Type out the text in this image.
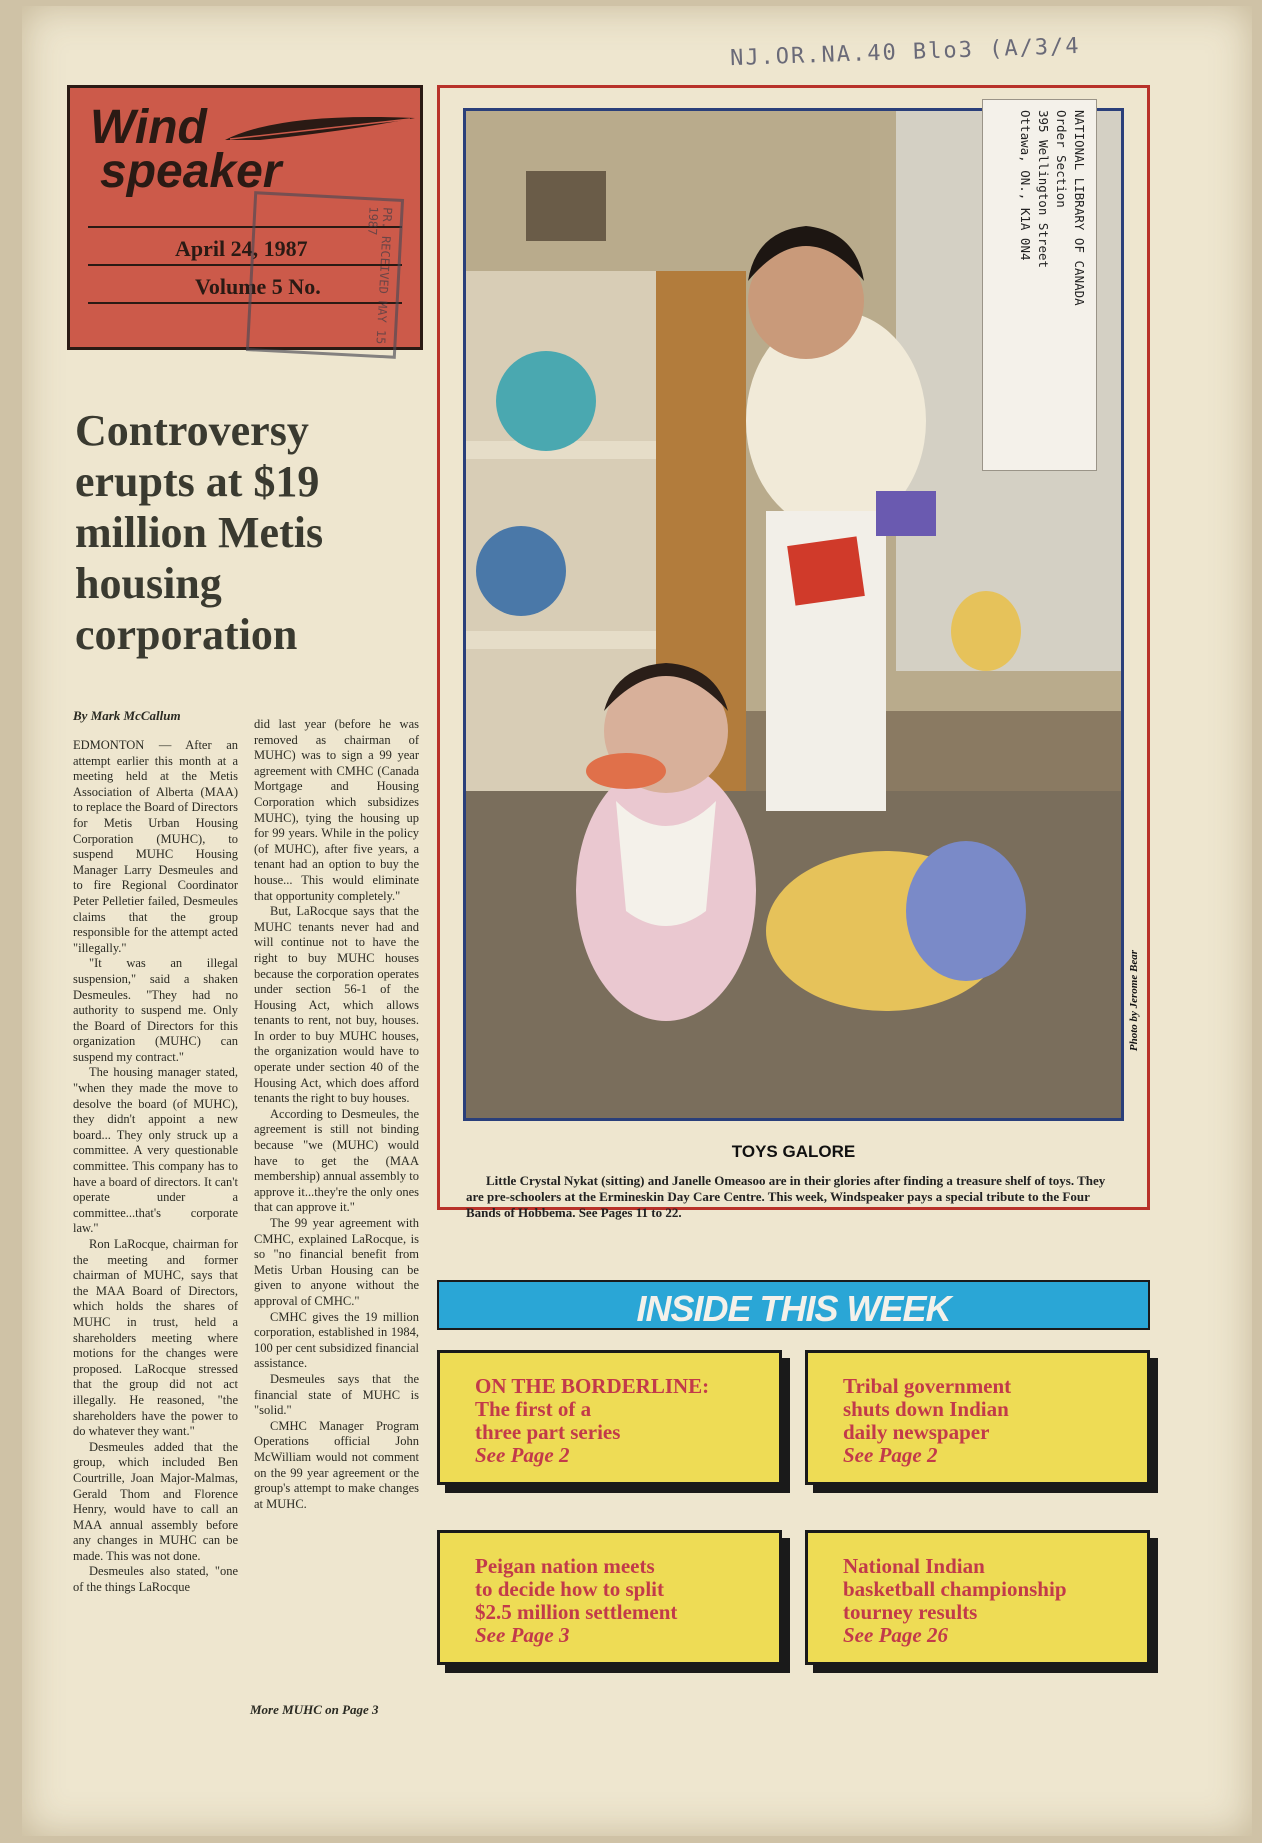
NJ.OR.NA.40 Blo3 (A/3/4
Wind
speaker
April 24, 1987
Volume 5 No.	PR. RECEIVED MAY 15 1987
Controversy erupts at $19 million Metis housing corporation
By Mark McCallum

EDMONTON — After an attempt earlier this month at a meeting held at the Metis Association of Alberta (MAA) to replace the Board of Directors for Metis Urban Housing Corporation (MUHC), to suspend MUHC Housing Manager Larry Desmeules and to fire Regional Coordinator Peter Pelletier failed, Desmeules claims that the group responsible for the attempt acted "illegally."

"It was an illegal suspension," said a shaken Desmeules. "They had no authority to suspend me. Only the Board of Directors for this organization (MUHC) can suspend my contract."

The housing manager stated, "when they made the move to desolve the board (of MUHC), they didn't appoint a new board... They only struck up a committee. A very questionable committee. This company has to have a board of directors. It can't operate under a committee...that's corporate law."

Ron LaRocque, chairman for the meeting and former chairman of MUHC, says that the MAA Board of Directors, which holds the shares of MUHC in trust, held a shareholders meeting where motions for the changes were proposed. LaRocque stressed that the group did not act illegally. He reasoned, "the shareholders have the power to do whatever they want."

Desmeules added that the group, which included Ben Courtrille, Joan Major-Malmas, Gerald Thom and Florence Henry, would have to call an MAA annual assembly before any changes in MUHC can be made. This was not done.

Desmeules also stated, "one of the things LaRocque

did last year (before he was removed as chairman of MUHC) was to sign a 99 year agreement with CMHC (Canada Mortgage and Housing Corporation which subsidizes MUHC), tying the housing up for 99 years. While in the policy (of MUHC), after five years, a tenant had an option to buy the house... This would eliminate that opportunity completely."

But, LaRocque says that the MUHC tenants never had and will continue not to have the right to buy MUHC houses because the corporation operates under section 56-1 of the Housing Act, which allows tenants to rent, not buy, houses. In order to buy MUHC houses, the organization would have to operate under section 40 of the Housing Act, which does afford tenants the right to buy houses.

According to Desmeules, the agreement is still not binding because "we (MUHC) would have to get the (MAA membership) annual assembly to approve it...they're the only ones that can approve it."

The 99 year agreement with CMHC, explained LaRocque, is so "no financial benefit from Metis Urban Housing can be given to anyone without the approval of CMHC."

CMHC gives the 19 million corporation, established in 1984, 100 per cent subsidized financial assistance.

Desmeules says that the financial state of MUHC is "solid."

CMHC Manager Program Operations official John McWilliam would not comment on the 99 year agreement or the group's attempt to make changes at MUHC.

More MUHC on Page 3
NATIONAL LIBRARY OF CANADA
Order Section
395 Wellington Street
Ottawa, ON., K1A 0N4
Photo by Jerome Bear
TOYS GALORE

Little Crystal Nykat (sitting) and Janelle Omeasoo are in their glories after finding a treasure shelf of toys. They are pre-schoolers at the Ermineskin Day Care Centre. This week, Windspeaker pays a special tribute to the Four Bands of Hobbema. See Pages 11 to 22.

INSIDE THIS WEEK
ON THE BORDERLINE:
The first of a
three part series
See Page 2
Tribal government
shuts down Indian
daily newspaper
See Page 2
Peigan nation meets
to decide how to split
$2.5 million settlement
See Page 3
National Indian
basketball championship
tourney results
See Page 26
